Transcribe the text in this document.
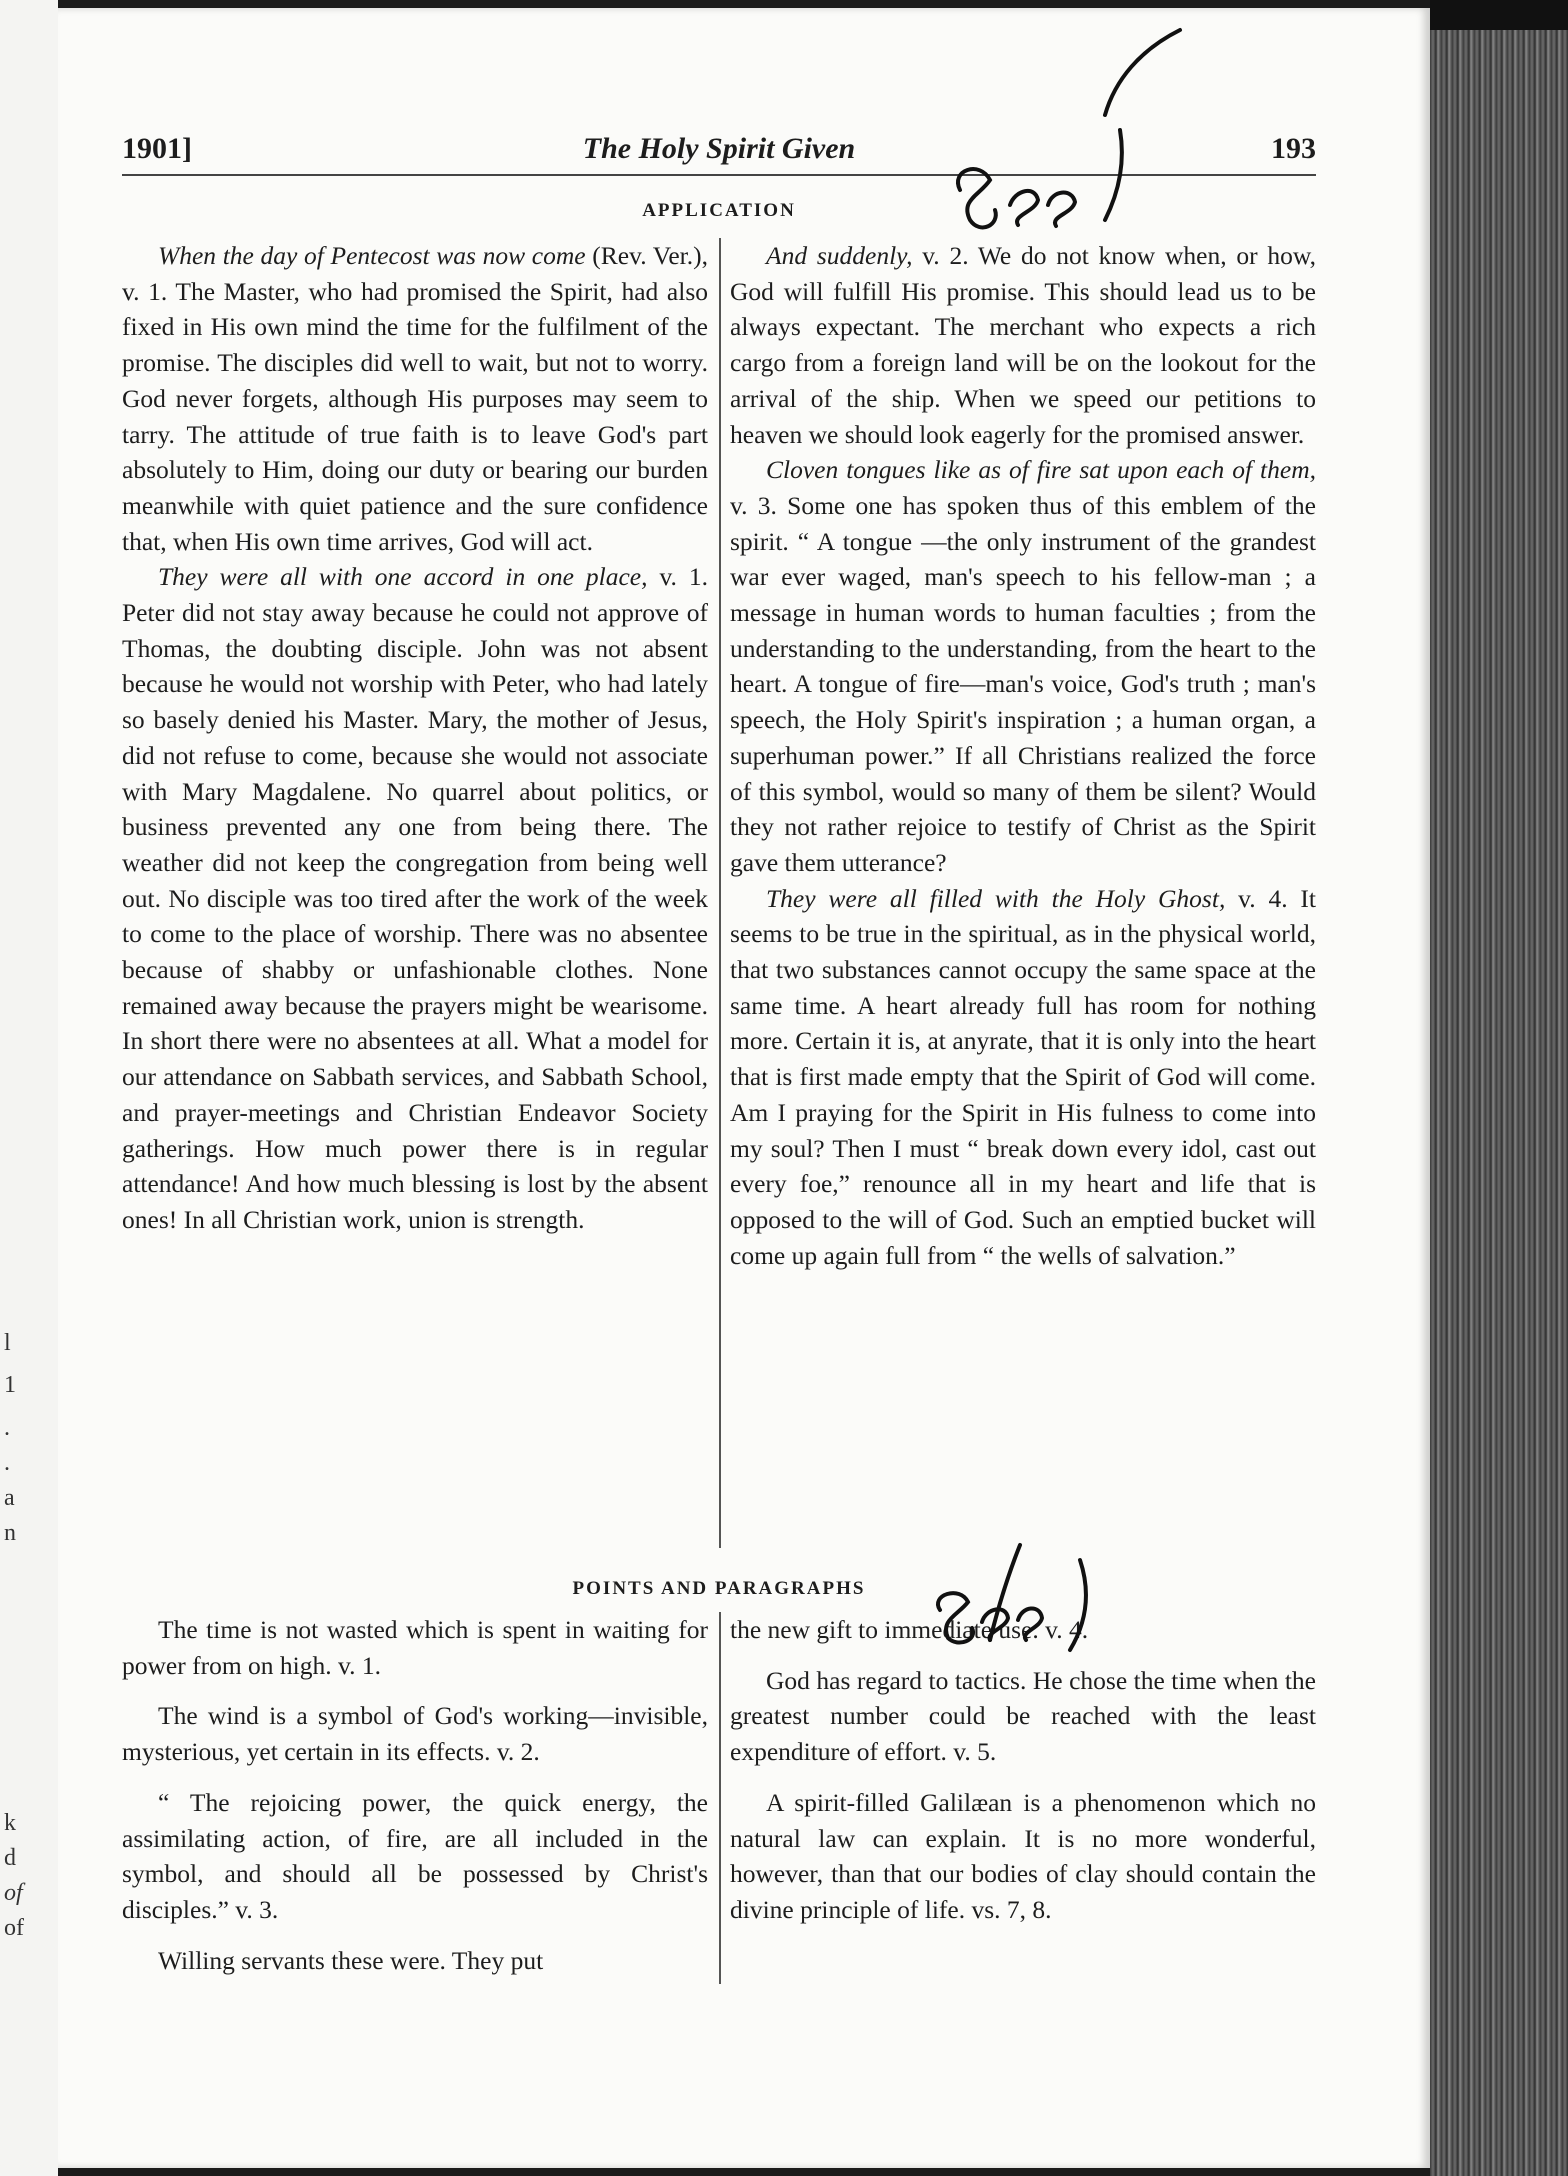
l
1
.
.
a
n
k
d
of
of
1901]	The Holy Spirit Given	193
APPLICATION

When the day of Pentecost was now come (Rev. Ver.), v. 1. The Master, who had promised the Spirit, had also fixed in His own mind the time for the fulfilment of the promise. The disciples did well to wait, but not to worry. God never forgets, although His purposes may seem to tarry. The attitude of true faith is to leave God's part absolutely to Him, doing our duty or bearing our burden meanwhile with quiet patience and the sure confidence that, when His own time arrives, God will act.

They were all with one accord in one place, v. 1. Peter did not stay away because he could not approve of Thomas, the doubting disciple. John was not absent because he would not worship with Peter, who had lately so basely denied his Master. Mary, the mother of Jesus, did not refuse to come, because she would not associate with Mary Magdalene. No quarrel about politics, or business prevented any one from being there. The weather did not keep the congregation from being well out. No disciple was too tired after the work of the week to come to the place of worship. There was no absentee because of shabby or unfashionable clothes. None remained away because the prayers might be wearisome. In short there were no absentees at all. What a model for our attendance on Sabbath services, and Sabbath School, and prayer-meetings and Christian Endeavor Society gatherings. How much power there is in regular attendance! And how much blessing is lost by the absent ones! In all Christian work, union is strength.

And suddenly, v. 2. We do not know when, or how, God will fulfill His promise. This should lead us to be always expectant. The merchant who expects a rich cargo from a foreign land will be on the lookout for the arrival of the ship. When we speed our petitions to heaven we should look eagerly for the promised answer.

Cloven tongues like as of fire sat upon each of them, v. 3. Some one has spoken thus of this emblem of the spirit. “ A tongue —the only instrument of the grandest war ever waged, man's speech to his fellow-man ; a message in human words to human faculties ; from the understanding to the understanding, from the heart to the heart. A tongue of fire—man's voice, God's truth ; man's speech, the Holy Spirit's inspiration ; a human organ, a superhuman power.” If all Christians realized the force of this symbol, would so many of them be silent? Would they not rather rejoice to testify of Christ as the Spirit gave them utterance?

They were all filled with the Holy Ghost, v. 4. It seems to be true in the spiritual, as in the physical world, that two substances cannot occupy the same space at the same time. A heart already full has room for nothing more. Certain it is, at anyrate, that it is only into the heart that is first made empty that the Spirit of God will come. Am I praying for the Spirit in His fulness to come into my soul? Then I must “ break down every idol, cast out every foe,” renounce all in my heart and life that is opposed to the will of God. Such an emptied bucket will come up again full from “ the wells of salvation.”

POINTS AND PARAGRAPHS

The time is not wasted which is spent in waiting for power from on high. v. 1.

The wind is a symbol of God's working—invisible, mysterious, yet certain in its effects. v. 2.

“ The rejoicing power, the quick energy, the assimilating action, of fire, are all included in the symbol, and should all be possessed by Christ's disciples.” v. 3.

Willing servants these were. They put

the new gift to immediate use. v. 4.

God has regard to tactics. He chose the time when the greatest number could be reached with the least expenditure of effort. v. 5.

A spirit-filled Galilæan is a phenomenon which no natural law can explain. It is no more wonderful, however, than that our bodies of clay should contain the divine principle of life. vs. 7, 8.
